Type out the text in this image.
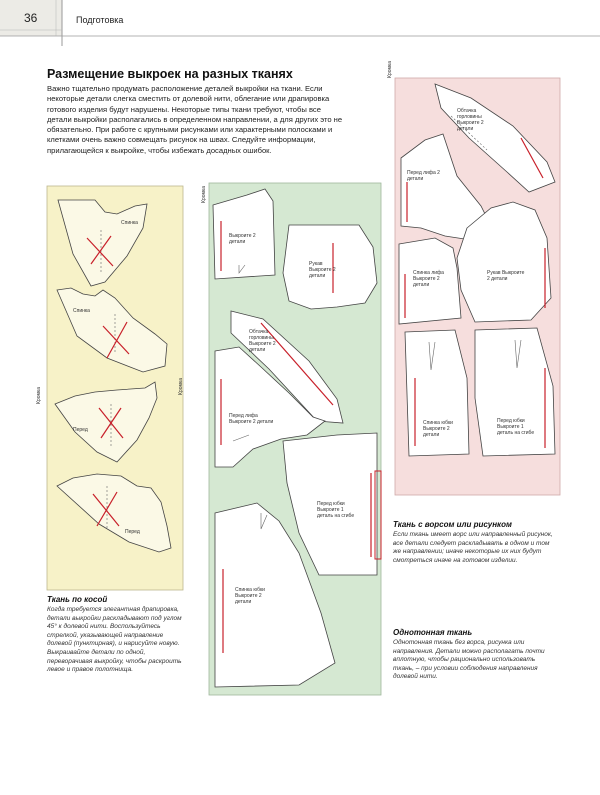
36	Подготовка
Размещение выкроек на разных тканях

Важно тщательно продумать расположение деталей выкройки на ткани. Если некоторые детали слегка сместить от долевой нити, облегание или драпировка готового изделия будут нарушены. Некоторые типы ткани требуют, чтобы все детали выкройки располагались в определенном направлении, а для других это не обязательно. При работе с крупными рисунками или характерными полосками и клетками очень важно совмещать рисунок на швах. Следуйте информации, прилагающейся к выкройке, чтобы избежать досадных ошибок.

Кромка
Спинка
Спинка
Перед
Перед
Ткань по косой

Когда требуется элегантная драпировка, детали выкройки раскладывают под углом 45° к долевой нити. Воспользуйтесь стрелкой, указывающей направление долевой (пунктирная), и нарисуйте новую. Выкраивайте детали по одной, переворачивая выкройку, чтобы раскроить левое и правое полотнища.

Кромка
Кромка
Выкроите 2 детали
Рукав Выкроите 2 детали
Обтачка горловины Выкроите 2 детали
Перед лифа Выкроите 2 детали
Перед юбки Выкроите 1 деталь на сгибе
Спинка юбки Выкроите 2 детали
Кромка
Обтачка горловины Выкроите 2 детали
Перед лифа 2 детали
Спинка лифа Выкроите 2 детали
Рукав Выкроите 2 детали
Спинка юбки Выкроите 2 детали
Перед юбки Выкроите 1 деталь на сгибе
Ткань с ворсом или рисунком

Если ткань имеет ворс или направленный рисунок, все детали следует раскладывать в одном и том же направлении; иначе некоторые их них будут смотреться иначе на готовом изделии.

Однотонная ткань

Однотонная ткань без ворса, рисунка или направления. Детали можно располагать почти вплотную, чтобы рационально использовать ткань, – при условии соблюдения направления долевой нити.
